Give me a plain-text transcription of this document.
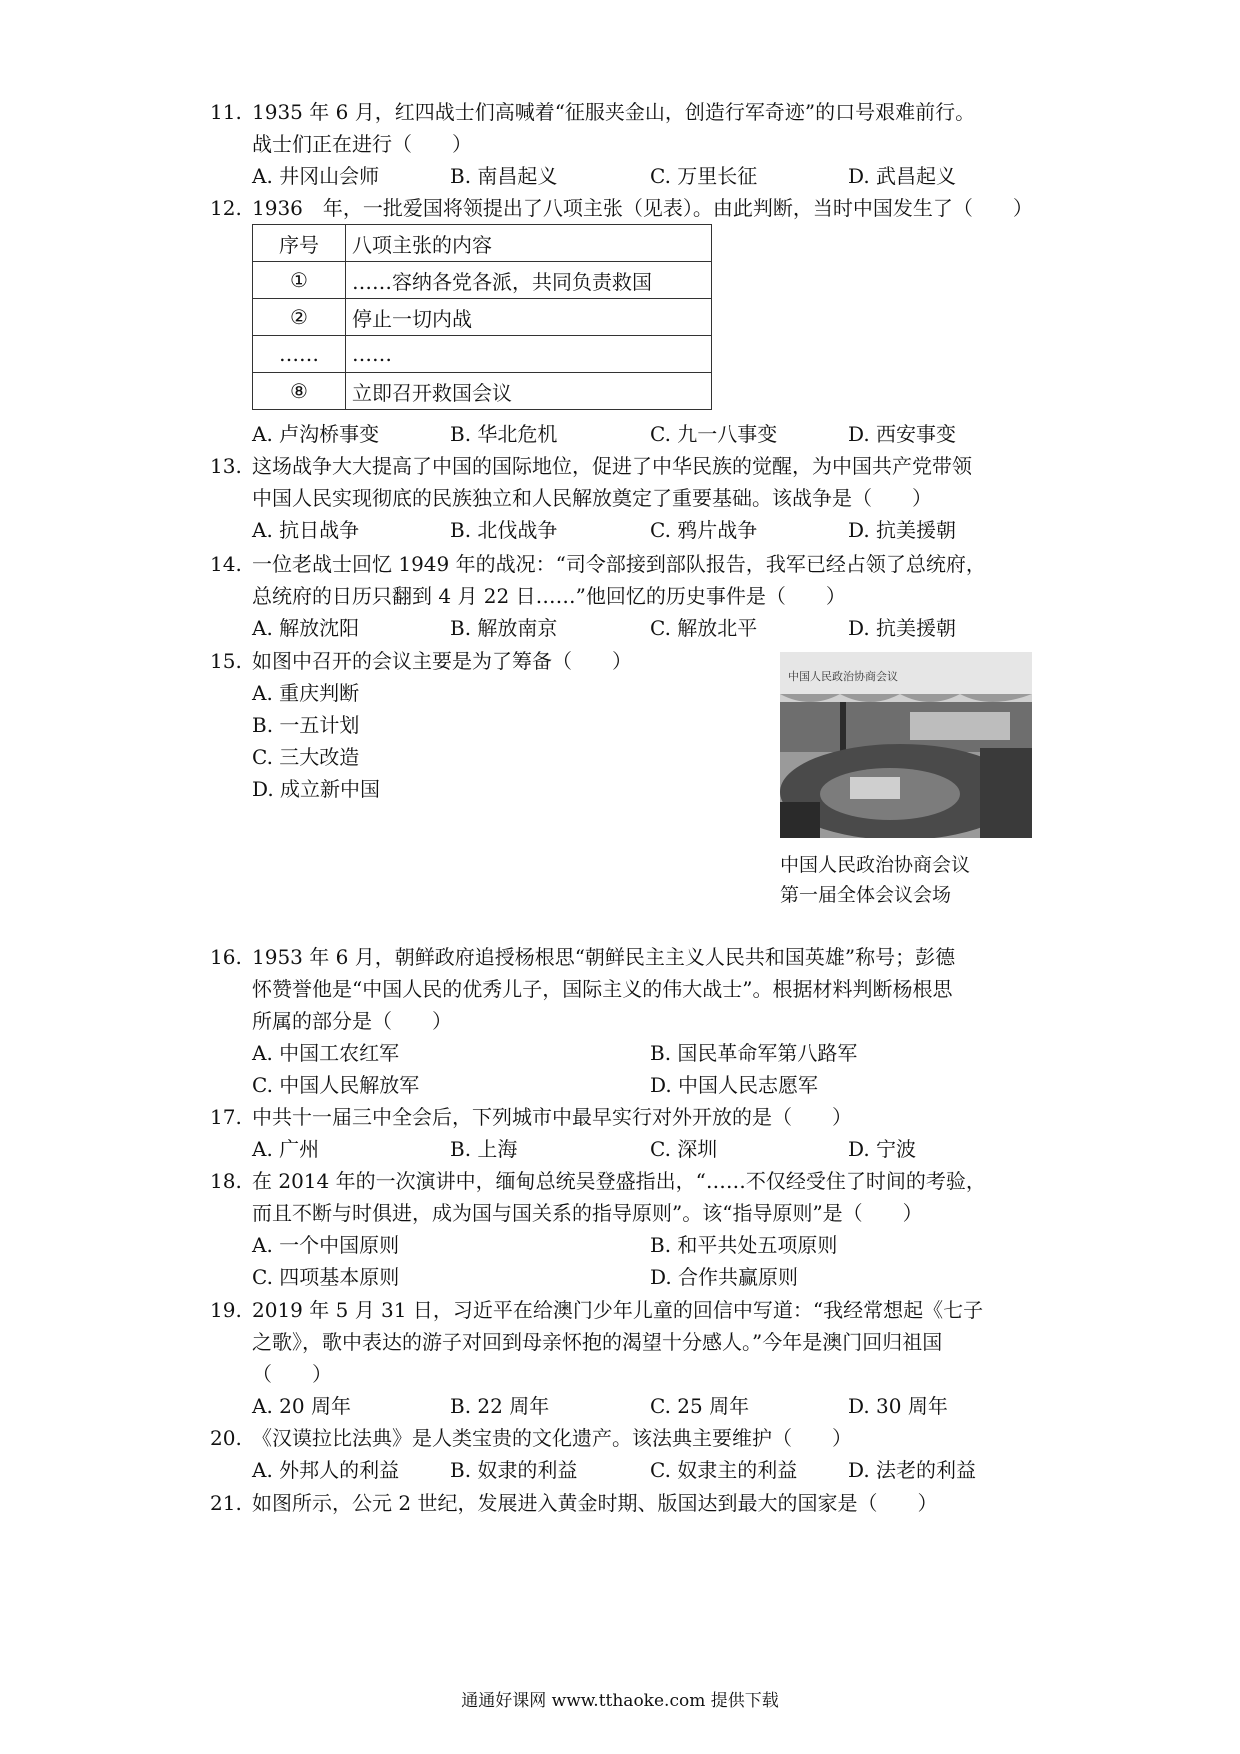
11. 1935 年 6 月，红四战士们高喊着“征服夹金山，创造行军奇迹”的口号艰难前行。
战士们正在进行（　　）
A. 井冈山会师	B. 南昌起义	C. 万里长征	D. 武昌起义
12. 1936　年，一批爱国将领提出了八项主张（见表）。由此判断，当时中国发生了（　　）
序号	八项主张的内容
①	……容纳各党各派，共同负责救国
②	停止一切内战
……	……
⑧	立即召开救国会议
A. 卢沟桥事变	B. 华北危机	C. 九一八事变	D. 西安事变
13. 这场战争大大提高了中国的国际地位，促进了中华民族的觉醒，为中国共产党带领
中国人民实现彻底的民族独立和人民解放奠定了重要基础。该战争是（　　）
A. 抗日战争	B. 北伐战争	C. 鸦片战争	D. 抗美援朝
14. 一位老战士回忆 1949 年的战况：“司令部接到部队报告，我军已经占领了总统府，
总统府的日历只翻到 4 月 22 日……”他回忆的历史事件是（　　）
A. 解放沈阳	B. 解放南京	C. 解放北平	D. 抗美援朝
15. 如图中召开的会议主要是为了筹备（　　）
A. 重庆判断
B. 一五计划
C. 三大改造
D. 成立新中国
中国人民政治协商会议
中国人民政治协商会议
第一届全体会议会场
16. 1953 年 6 月，朝鲜政府追授杨根思“朝鲜民主主义人民共和国英雄”称号；彭德
怀赞誉他是“中国人民的优秀儿子，国际主义的伟大战士”。根据材料判断杨根思
所属的部分是（　　）
A. 中国工农红军	B. 国民革命军第八路军
C. 中国人民解放军	D. 中国人民志愿军
17. 中共十一届三中全会后，下列城市中最早实行对外开放的是（　　）
A. 广州	B. 上海	C. 深圳	D. 宁波
18. 在 2014 年的一次演讲中，缅甸总统吴登盛指出，“……不仅经受住了时间的考验，
而且不断与时俱进，成为国与国关系的指导原则”。该“指导原则”是（　　）
A. 一个中国原则	B. 和平共处五项原则
C. 四项基本原则	D. 合作共赢原则
19. 2019 年 5 月 31 日，习近平在给澳门少年儿童的回信中写道：“我经常想起《七子
之歌》，歌中表达的游子对回到母亲怀抱的渴望十分感人。”今年是澳门回归祖国
（　　）
A. 20 周年	B. 22 周年	C. 25 周年	D. 30 周年
20. 《汉谟拉比法典》是人类宝贵的文化遗产。该法典主要维护（　　）
A. 外邦人的利益	B. 奴隶的利益	C. 奴隶主的利益	D. 法老的利益
21. 如图所示，公元 2 世纪，发展进入黄金时期、版国达到最大的国家是（　　）
通通好课网 www.tthaoke.com 提供下载
